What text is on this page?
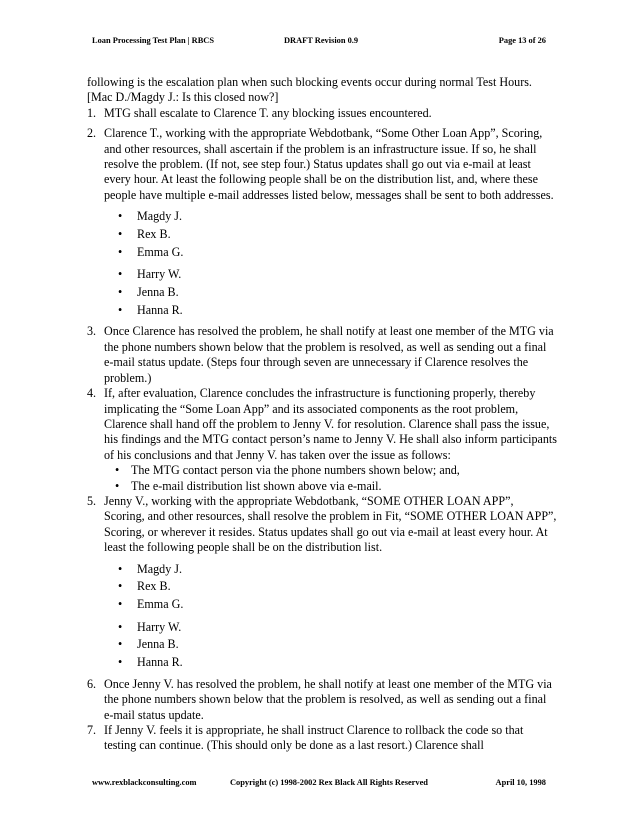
Loan Processing Test Plan | RBCS	DRAFT Revision 0.9	Page 13 of 26

following is the escalation plan when such blocking events occur during normal Test Hours. [Mac D./Magdy J.: Is this closed now?]

1. MTG shall escalate to Clarence T. any blocking issues encountered.
2. Clarence T., working with the appropriate Webdotbank, “Some Other Loan App”, Scoring, and other resources, shall ascertain if the problem is an infrastructure issue. If so, he shall resolve the problem. (If not, see step four.) Status updates shall go out via e-mail at least every hour. At least the following people shall be on the distribution list, and, where these people have multiple e-mail addresses listed below, messages shall be sent to both addresses.
• Magdy J.
• Rex B.
• Emma G.
• Harry W.
• Jenna B.
• Hanna R.
3. Once Clarence has resolved the problem, he shall notify at least one member of the MTG via the phone numbers shown below that the problem is resolved, as well as sending out a final e-mail status update. (Steps four through seven are unnecessary if Clarence resolves the problem.)
4. If, after evaluation, Clarence concludes the infrastructure is functioning properly, thereby implicating the “Some Loan App” and its associated components as the root problem, Clarence shall hand off the problem to Jenny V. for resolution. Clarence shall pass the issue, his findings and the MTG contact person’s name to Jenny V. He shall also inform participants of his conclusions and that Jenny V. has taken over the issue as follows:
• The MTG contact person via the phone numbers shown below; and,
• The e-mail distribution list shown above via e-mail.
5. Jenny V., working with the appropriate Webdotbank, “SOME OTHER LOAN APP”, Scoring, and other resources, shall resolve the problem in Fit, “SOME OTHER LOAN APP”, Scoring, or wherever it resides. Status updates shall go out via e-mail at least every hour. At least the following people shall be on the distribution list.
• Magdy J.
• Rex B.
• Emma G.
• Harry W.
• Jenna B.
• Hanna R.
6. Once Jenny V. has resolved the problem, he shall notify at least one member of the MTG via the phone numbers shown below that the problem is resolved, as well as sending out a final e-mail status update.
7. If Jenny V. feels it is appropriate, he shall instruct Clarence to rollback the code so that testing can continue. (This should only be done as a last resort.) Clarence shall
www.rexblackconsulting.com	Copyright (c) 1998-2002 Rex Black All Rights Reserved	April 10, 1998
